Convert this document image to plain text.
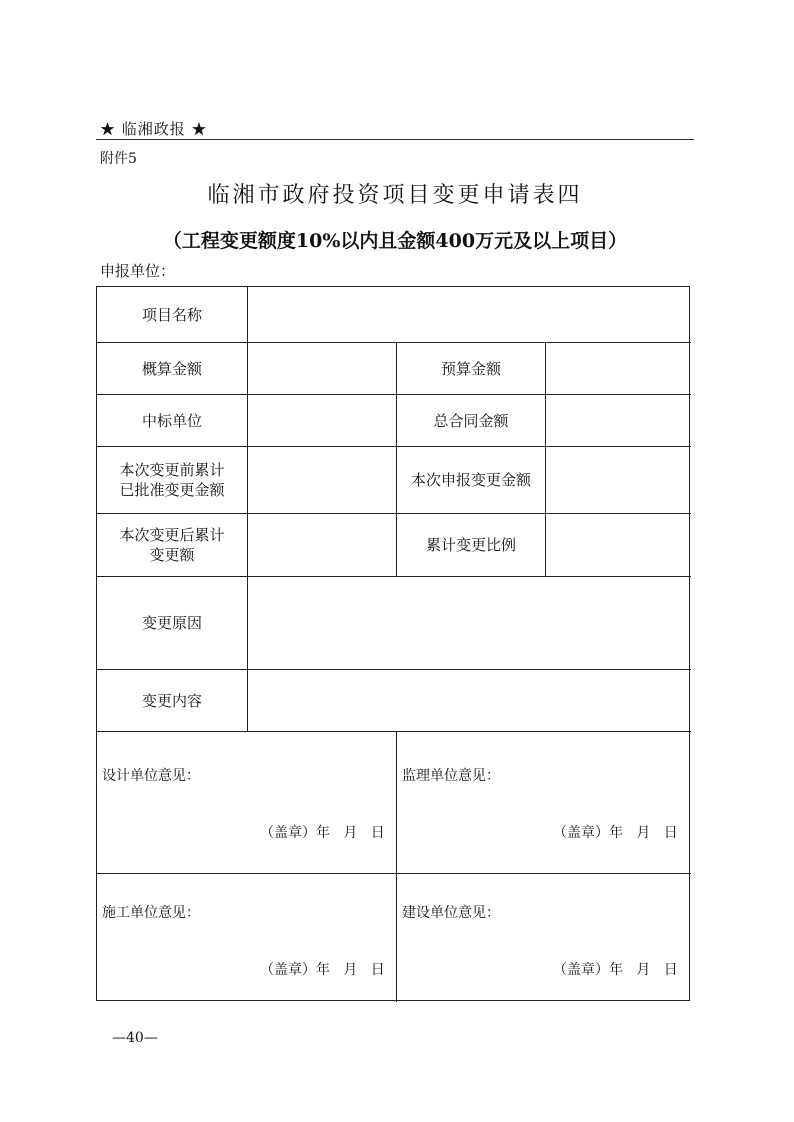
★ 临湘政报 ★
附件5
临湘市政府投资项目变更申请表四
（工程变更额度10%以内且金额400万元及以上项目）
申报单位：
项目名称
概算金额	预算金额
中标单位	总合同金额
本次变更前累计
已批准变更金额
本次申报变更金额
本次变更后累计
变更额
累计变更比例
变更原因
变更内容
设计单位意见：
（盖章）年   月   日
监理单位意见：
（盖章）年   月   日
施工单位意见：
（盖章）年   月   日
建设单位意见：
（盖章）年   月   日
—40—
